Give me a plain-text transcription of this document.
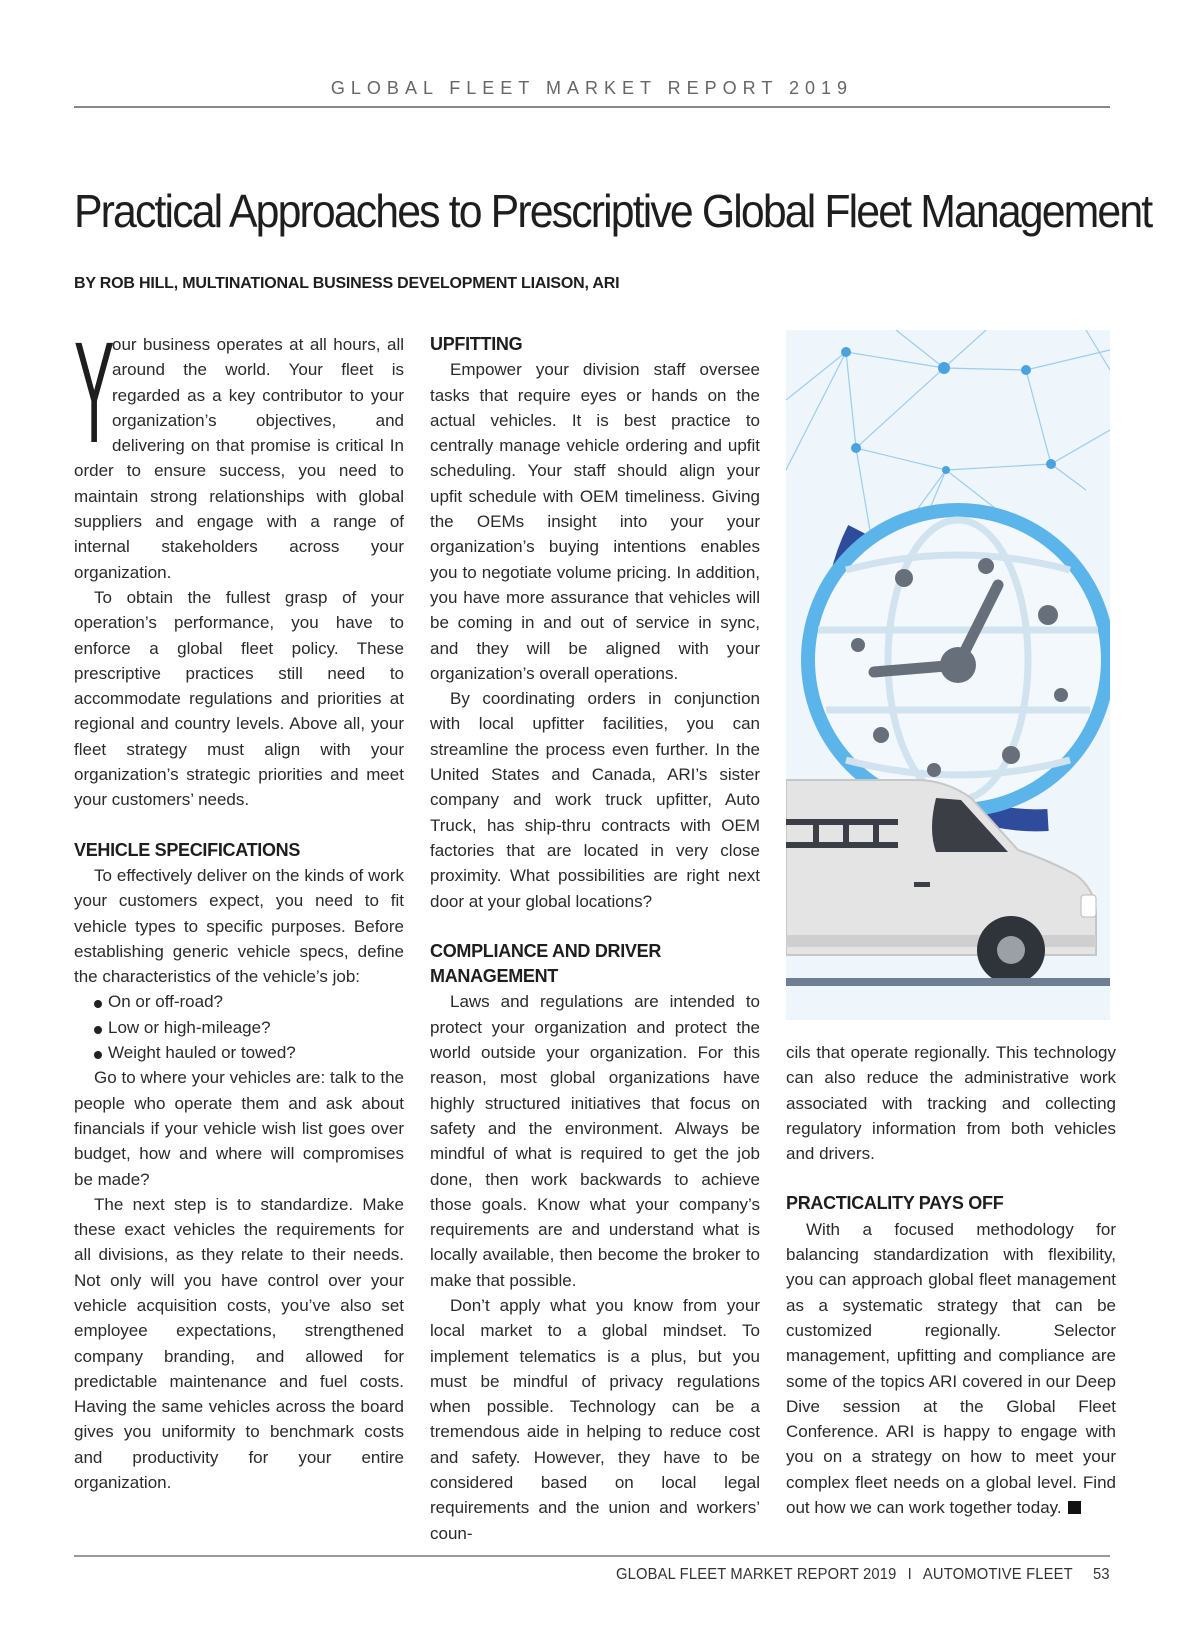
GLOBAL FLEET MARKET REPORT 2019
Practical Approaches to Prescriptive Global Fleet Management

BY ROB HILL, MULTINATIONAL BUSINESS DEVELOPMENT LIAISON, ARI

Y

our business operates at all hours, all around the world. Your fleet is regarded as a key contributor to your organization’s objectives, and delivering on that promise is critical In order to ensure success, you need to maintain strong relationships with global suppliers and engage with a range of internal stakeholders across your organization.

To obtain the fullest grasp of your operation’s performance, you have to enforce a global fleet policy. These prescriptive practices still need to accommodate regulations and priorities at regional and country levels. Above all, your fleet strategy must align with your organization’s strategic priorities and meet your customers’ needs.

VEHICLE SPECIFICATIONS

To effectively deliver on the kinds of work your customers expect, you need to fit vehicle types to specific purposes. Before establishing generic vehicle specs, define the characteristics of the vehicle’s job:

On or off-road?
Low or high-mileage?
Weight hauled or towed?

Go to where your vehicles are: talk to the people who operate them and ask about financials if your vehicle wish list goes over budget, how and where will compromises be made?

The next step is to standardize. Make these exact vehicles the requirements for all divisions, as they relate to their needs. Not only will you have control over your vehicle acquisition costs, you’ve also set employee expectations, strengthened company branding, and allowed for predictable maintenance and fuel costs. Having the same vehicles across the board gives you uniformity to benchmark costs and productivity for your entire organization.

UPFITTING

Empower your division staff oversee tasks that require eyes or hands on the actual vehicles. It is best practice to centrally manage vehicle ordering and upfit scheduling. Your staff should align your upfit schedule with OEM timeliness. Giving the OEMs insight into your your organization’s buying intentions enables you to negotiate volume pricing. In addition, you have more assurance that vehicles will be coming in and out of service in sync, and they will be aligned with your organization’s overall operations.

By coordinating orders in conjunction with local upfitter facilities, you can streamline the process even further. In the United States and Canada, ARI’s sister company and work truck upfitter, Auto Truck, has ship-thru contracts with OEM factories that are located in very close proximity. What possibilities are right next door at your global locations?

COMPLIANCE AND DRIVER MANAGEMENT

Laws and regulations are intended to protect your organization and protect the world outside your organization. For this reason, most global organizations have highly structured initiatives that focus on safety and the environment. Always be mindful of what is required to get the job done, then work backwards to achieve those goals. Know what your company’s requirements are and understand what is locally available, then become the broker to make that possible.

Don’t apply what you know from your local market to a global mindset. To implement telematics is a plus, but you must be mindful of privacy regulations when possible. Technology can be a tremendous aide in helping to reduce cost and safety. However, they have to be considered based on local legal requirements and the union and workers’ coun-

cils that operate regionally. This technology can also reduce the administrative work associated with tracking and collecting regulatory information from both vehicles and drivers.

PRACTICALITY PAYS OFF

With a focused methodology for balancing standardization with flexibility, you can approach global fleet management as a systematic strategy that can be customized regionally. Selector management, upfitting and compliance are some of the topics ARI covered in our Deep Dive session at the Global Fleet Conference. ARI is happy to engage with you on a strategy on how to meet your complex fleet needs on a global level. Find out how we can work together today.

GLOBAL FLEET MARKET REPORT 2019 I AUTOMOTIVE FLEET 53
